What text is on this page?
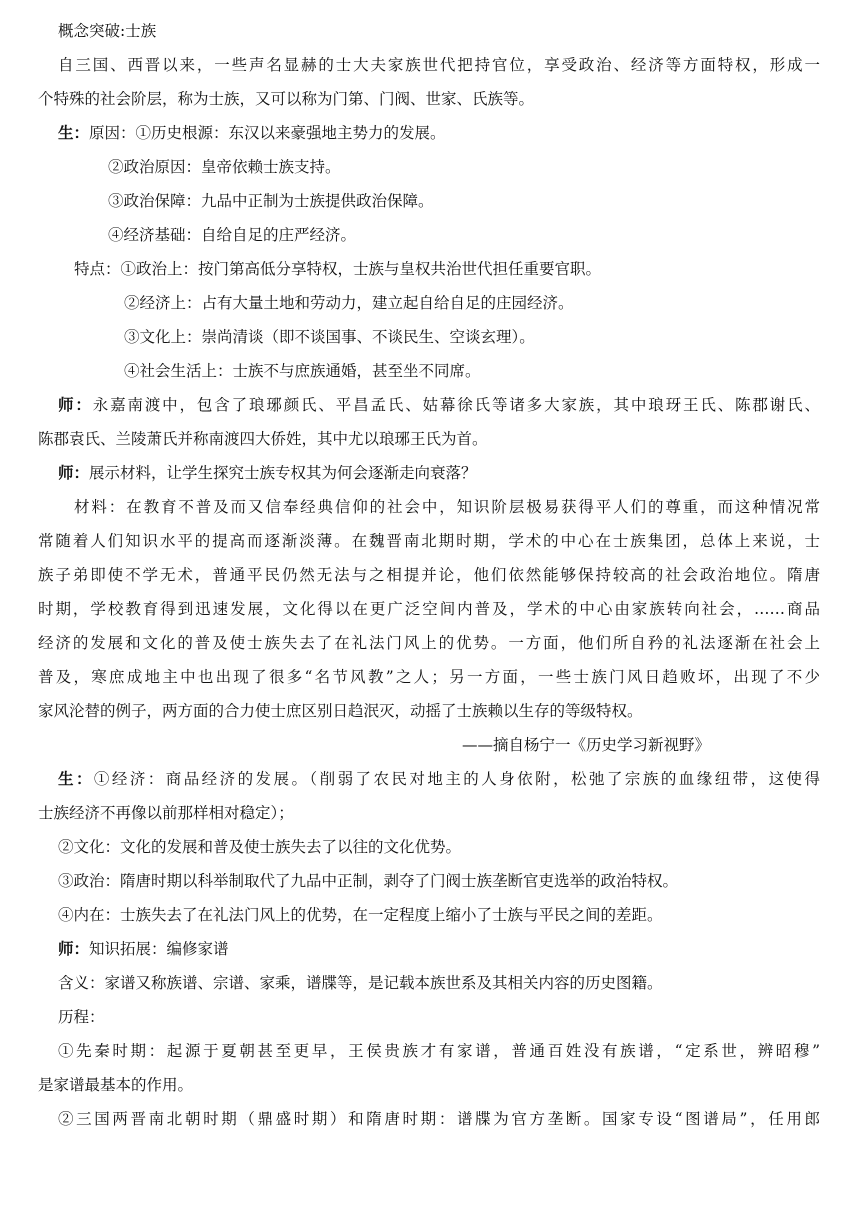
概念突破:士族
自三国、西晋以来，一些声名显赫的士大夫家族世代把持官位，享受政治、经济等方面特权，形成一
个特殊的社会阶层，称为士族，又可以称为门第、门阀、世家、氏族等。
生：原因：①历史根源：东汉以来豪强地主势力的发展。
②政治原因：皇帝依赖士族支持。
③政治保障：九品中正制为士族提供政治保障。
④经济基础：自给自足的庄严经济。
特点：①政治上：按门第高低分享特权，士族与皇权共治世代担任重要官职。
②经济上：占有大量土地和劳动力，建立起自给自足的庄园经济。
③文化上：崇尚清谈（即不谈国事、不谈民生、空谈玄理）。
④社会生活上：士族不与庶族通婚，甚至坐不同席。
师：永嘉南渡中，包含了琅琊颜氏、平昌孟氏、姑幕徐氏等诸多大家族，其中琅玡王氏、陈郡谢氏、
陈郡袁氏、兰陵萧氏并称南渡四大侨姓，其中尤以琅琊王氏为首。
师：展示材料，让学生探究士族专权其为何会逐渐走向衰落？
材料：在教育不普及而又信奉经典信仰的社会中，知识阶层极易获得平人们的尊重，而这种情况常
常随着人们知识水平的提高而逐渐淡薄。在魏晋南北期时期，学术的中心在士族集团，总体上来说，士
族子弟即使不学无术，普通平民仍然无法与之相提并论，他们依然能够保持较高的社会政治地位。隋唐
时期，学校教育得到迅速发展，文化得以在更广泛空间内普及，学术的中心由家族转向社会，……商品
经济的发展和文化的普及使士族失去了在礼法门风上的优势。一方面，他们所自矜的礼法逐渐在社会上
普及，寒庶成地主中也出现了很多“名节风教”之人；另一方面，一些士族门风日趋败坏，出现了不少
家风沦替的例子，两方面的合力使士庶区别日趋泯灭，动摇了士族赖以生存的等级特权。
——摘自杨宁一《历史学习新视野》
生：①经济：商品经济的发展。（削弱了农民对地主的人身依附，松弛了宗族的血缘纽带，这使得
士族经济不再像以前那样相对稳定）；
②文化：文化的发展和普及使士族失去了以往的文化优势。
③政治：隋唐时期以科举制取代了九品中正制，剥夺了门阀士族垄断官吏选举的政治特权。
④内在：士族失去了在礼法门风上的优势，在一定程度上缩小了士族与平民之间的差距。
师：知识拓展：编修家谱
含义：家谱又称族谱、宗谱、家乘，谱牒等，是记载本族世系及其相关内容的历史图籍。
历程：
①先秦时期：起源于夏朝甚至更早，王侯贵族才有家谱，普通百姓没有族谱，“定系世，辨昭穆”
是家谱最基本的作用。
②三国两晋南北朝时期（鼎盛时期）和隋唐时期：谱牒为官方垄断。国家专设“图谱局”，任用郎
